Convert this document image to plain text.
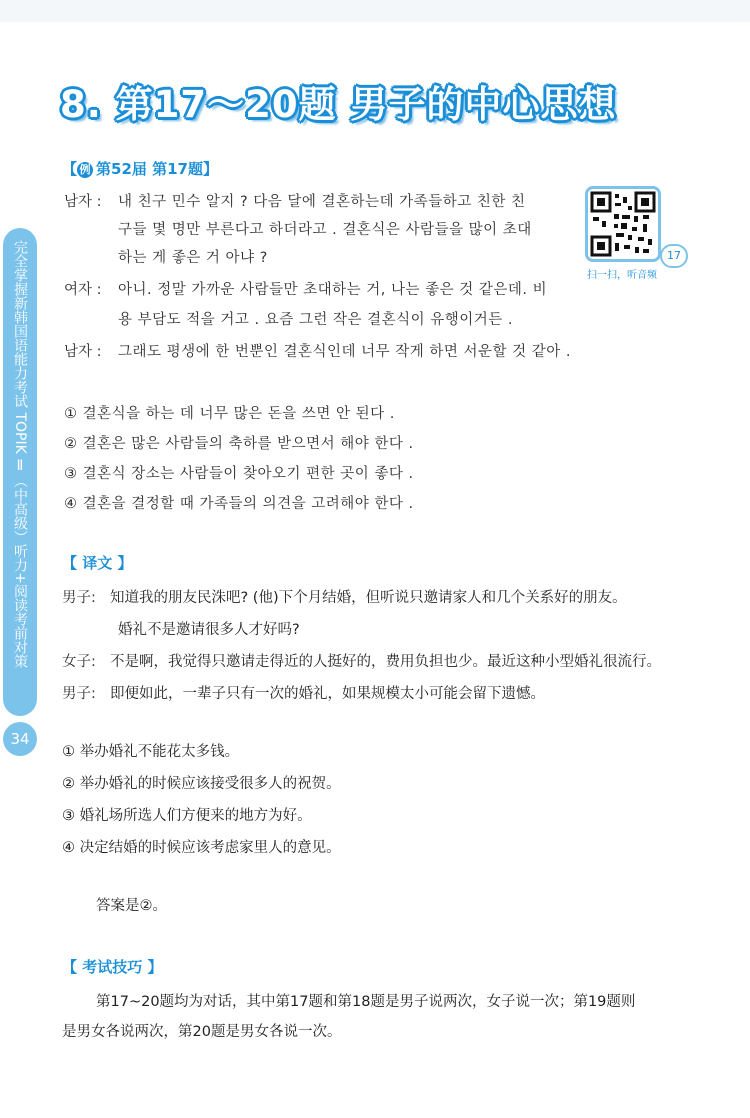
8. 第17～20题 男子的中心思想
【 例 第52届 第17题】
17
扫一扫，听音频
남자 : 내 친구 민수 알지 ? 다음 달에 결혼하는데 가족들하고 친한 친
구들 몇 명만 부른다고 하더라고 . 결혼식은 사람들을 많이 초대
하는 게 좋은 거 아냐 ?
여자 : 아니. 정말 가까운 사람들만 초대하는 거, 나는 좋은 것 같은데. 비
용 부담도 적을 거고 . 요즘 그런 작은 결혼식이 유행이거든 .
남자 : 그래도 평생에 한 번뿐인 결혼식인데 너무 작게 하면 서운할 것 같아 .
① 결혼식을 하는 데 너무 많은 돈을 쓰면 안 된다 .
② 결혼은 많은 사람들의 축하를 받으면서 해야 한다 .
③ 결혼식 장소는 사람들이 찾아오기 편한 곳이 좋다 .
④ 결혼을 결정할 때 가족들의 의견을 고려해야 한다 .
【 译文 】
男子: 知道我的朋友民洙吧? (他)下个月结婚，但听说只邀请家人和几个关系好的朋友。
婚礼不是邀请很多人才好吗?
女子: 不是啊，我觉得只邀请走得近的人挺好的，费用负担也少。最近这种小型婚礼很流行。
男子: 即便如此，一辈子只有一次的婚礼，如果规模太小可能会留下遗憾。
① 举办婚礼不能花太多钱。
② 举办婚礼的时候应该接受很多人的祝贺。
③ 婚礼场所选人们方便来的地方为好。
④ 决定结婚的时候应该考虑家里人的意见。
答案是②。
【 考试技巧 】
第17~20题均为对话，其中第17题和第18题是男子说两次，女子说一次；第19题则
是男女各说两次，第20题是男女各说一次。
完全掌握新韩国语能力考试 TOPIK Ⅱ（中高级）听力+阅读考前对策
34
